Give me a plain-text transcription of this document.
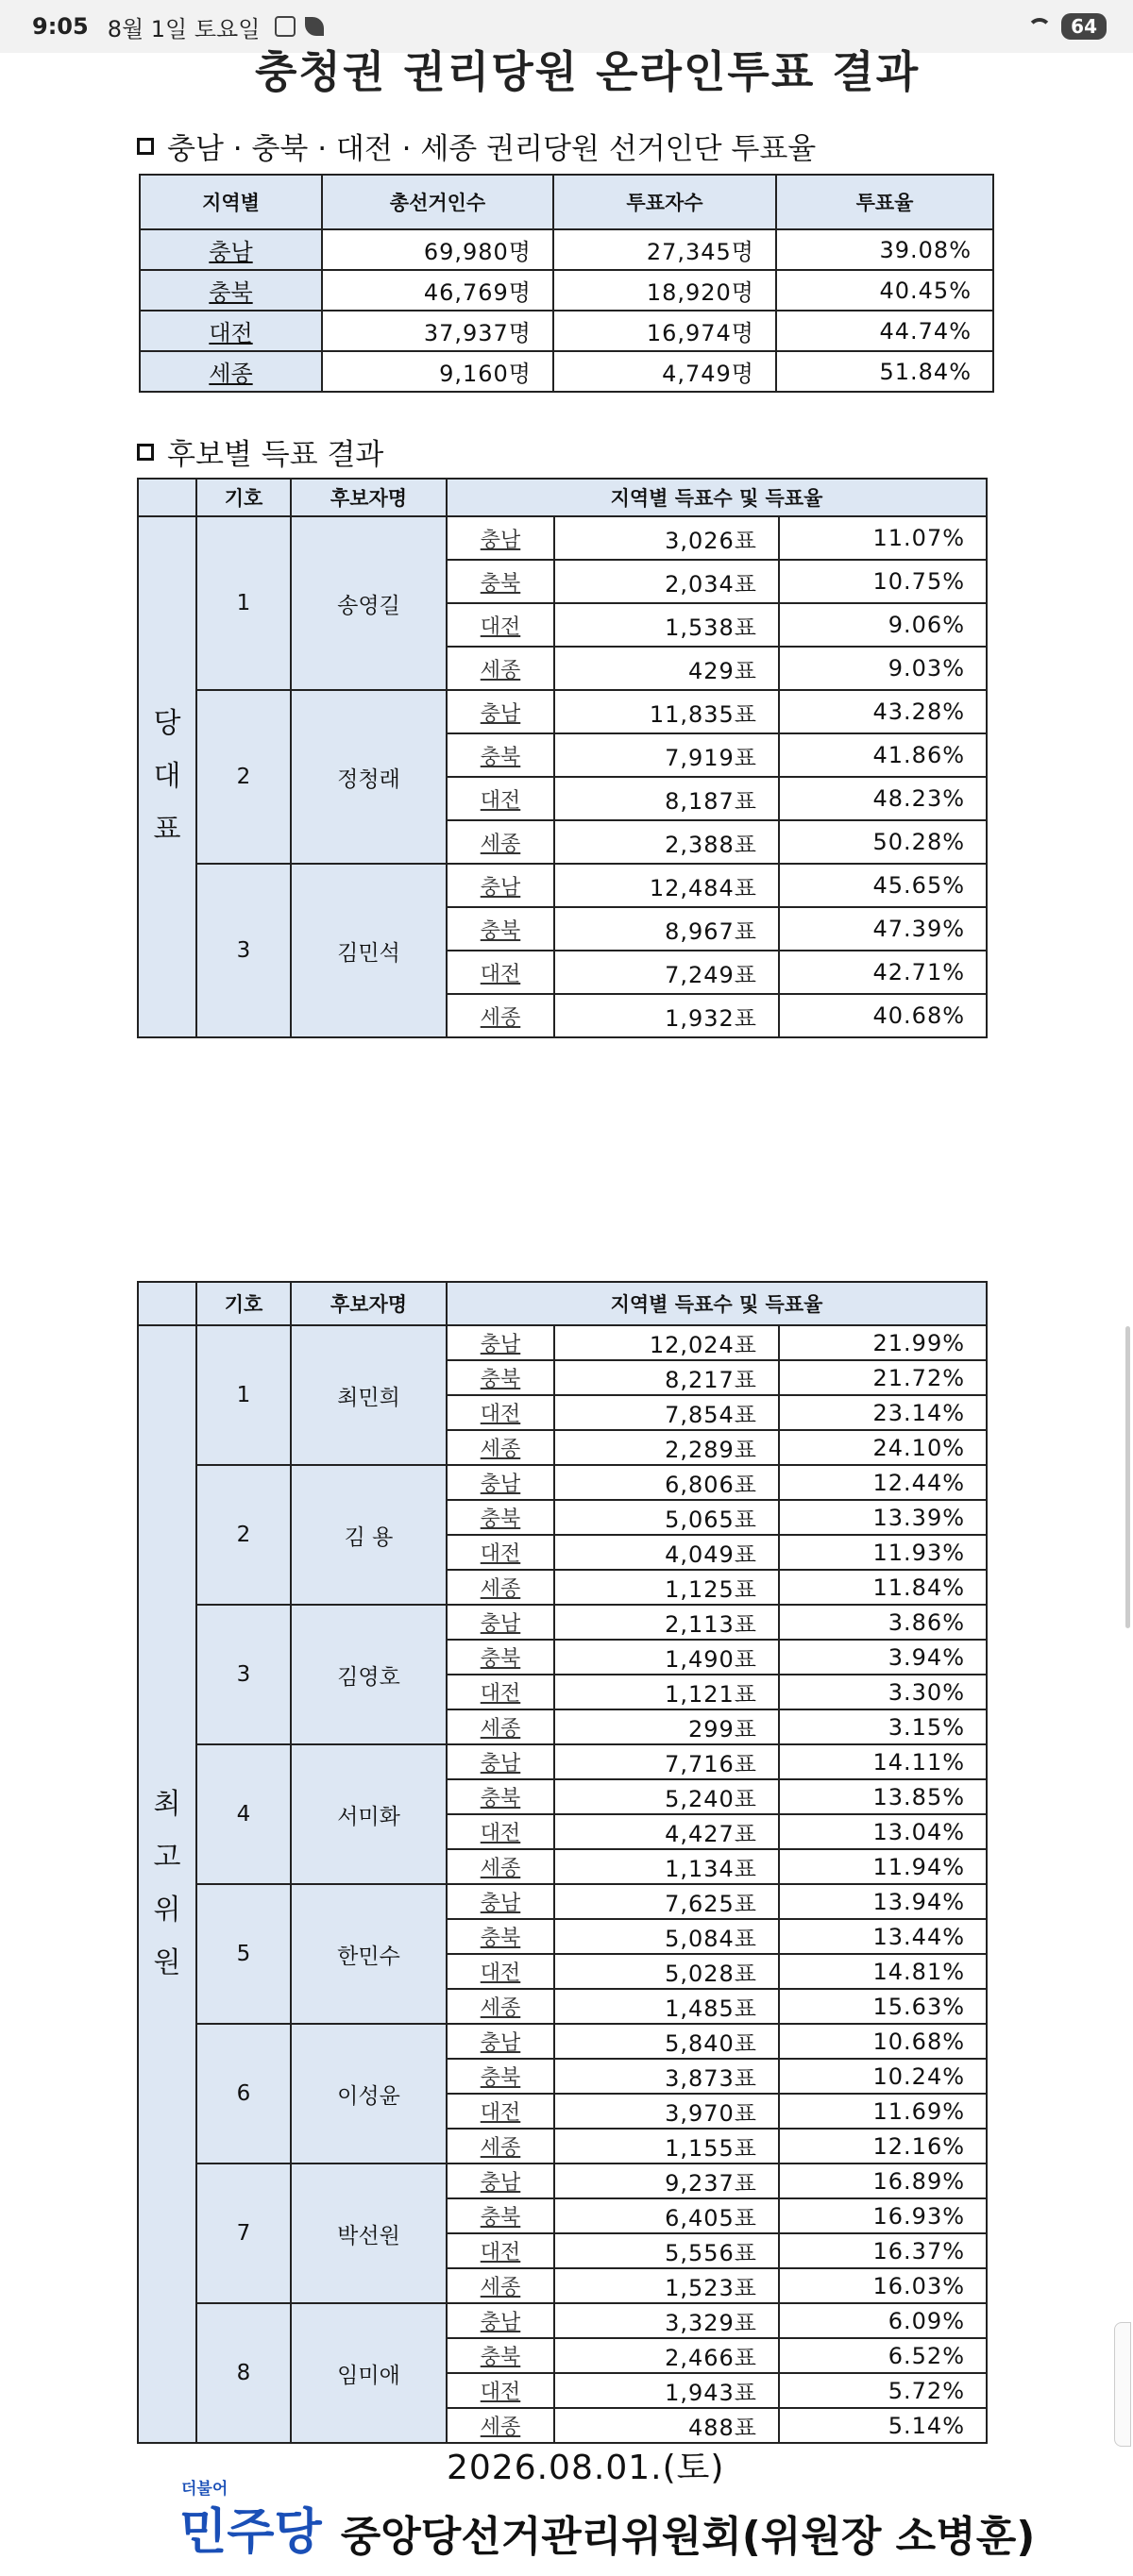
9:05 8월 1일 토요일	64
충청권 권리당원 온라인투표 결과
충남 · 충북 · 대전 · 세종 권리당원 선거인단 투표율
지역별	총선거인수	투표자수	투표율
충남	69,980명	27,345명	39.08%
충북	46,769명	18,920명	40.45%
대전	37,937명	16,974명	44.74%
세종	9,160명	4,749명	51.84%
후보별 득표 결과
	기호	후보자명	지역별 득표수 및 득표율		

당
대
표	1	송영길	충남	3,026표	11.07%
			충북	2,034표	10.75%
			대전	1,538표	9.06%
			세종	429표	9.03%
	2	정청래	충남	11,835표	43.28%
			충북	7,919표	41.86%
			대전	8,187표	48.23%
			세종	2,388표	50.28%
	3	김민석	충남	12,484표	45.65%
			충북	8,967표	47.39%
			대전	7,249표	42.71%
			세종	1,932표	40.68%
	기호	후보자명	지역별 득표수 및 득표율		

최
고
위
원	1	최민희	충남	12,024표	21.99%
			충북	8,217표	21.72%
			대전	7,854표	23.14%
			세종	2,289표	24.10%
	2	김 용	충남	6,806표	12.44%
			충북	5,065표	13.39%
			대전	4,049표	11.93%
			세종	1,125표	11.84%
	3	김영호	충남	2,113표	3.86%
			충북	1,490표	3.94%
			대전	1,121표	3.30%
			세종	299표	3.15%
	4	서미화	충남	7,716표	14.11%
			충북	5,240표	13.85%
			대전	4,427표	13.04%
			세종	1,134표	11.94%
	5	한민수	충남	7,625표	13.94%
			충북	5,084표	13.44%
			대전	5,028표	14.81%
			세종	1,485표	15.63%
	6	이성윤	충남	5,840표	10.68%
			충북	3,873표	10.24%
			대전	3,970표	11.69%
			세종	1,155표	12.16%
	7	박선원	충남	9,237표	16.89%
			충북	6,405표	16.93%
			대전	5,556표	16.37%
			세종	1,523표	16.03%
	8	임미애	충남	3,329표	6.09%
			충북	2,466표	6.52%
			대전	1,943표	5.72%
			세종	488표	5.14%
2026.08.01.(토)
더불어
민주당 중앙당선거관리위원회(위원장 소병훈)
